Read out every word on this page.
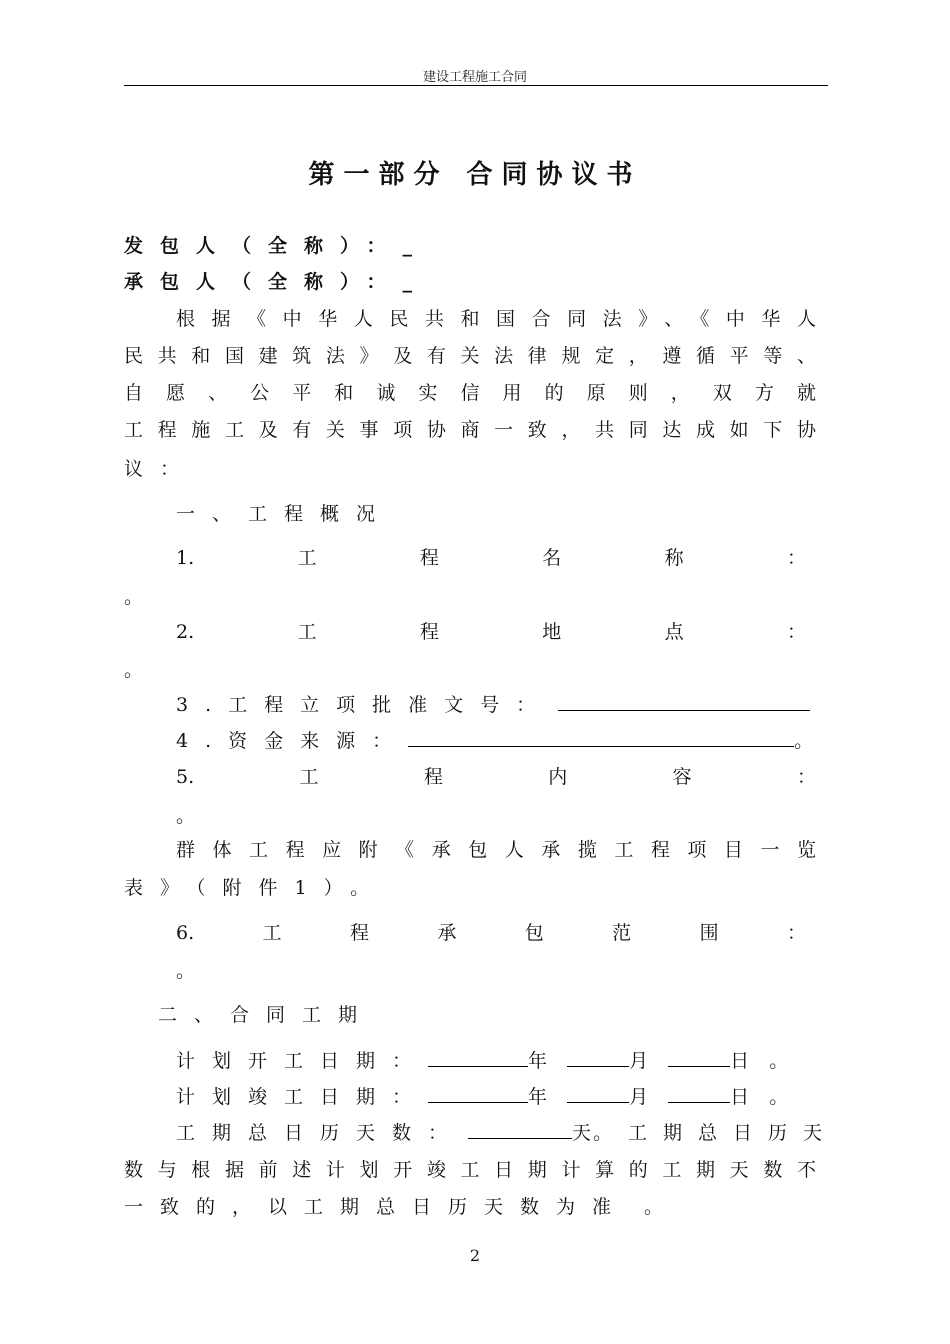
建设工程施工合同
第一部分 合同协议书
发包人（全称）：_
承包人（全称）：_
根据《中华人民共和国合同法》、《中华人
民共和国建筑法》及有关法律规定，遵循平等、
自愿、公平和诚实信用的原则，双方就
工程施工及有关事项协商一致，共同达成如下协
议：
一、工程概况
1.工程名称：
。
2.工程地点：
。
3.工程立项批准文号：
4.资金来源：	。
5.工程内容：
。
群体工程应附《承包人承揽工程项目一览
表》（附件1）。
6.工程承包范围：
。
二、合同工期
计划开工日期：	年	月	日 。
计划竣工日期：	年	月	日 。
工期总日历天数：	天 。工期总日历天
数与根据前述计划开竣工日期计算的工期天数不
一致的，以工期总日历天数为准 。
2
